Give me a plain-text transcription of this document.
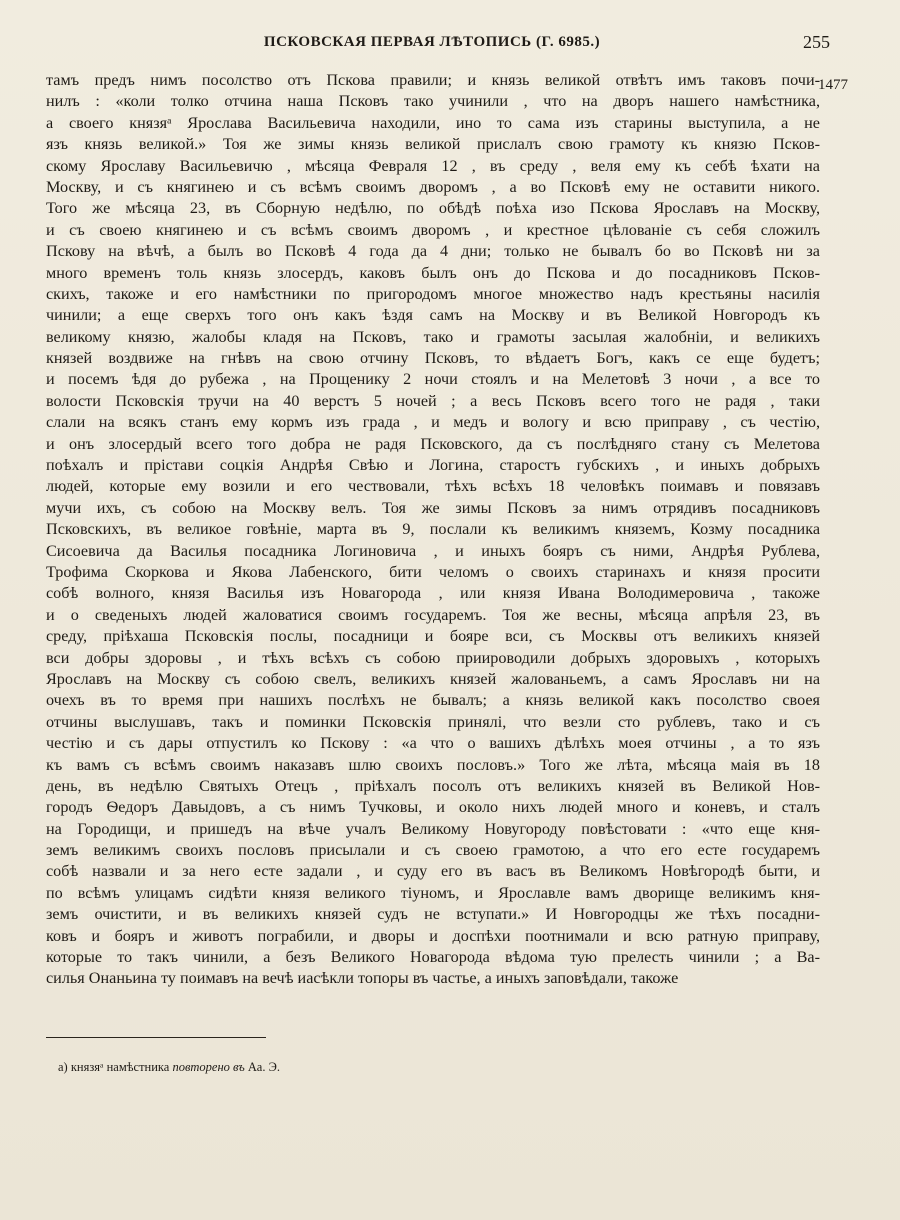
ПСКОВСКАЯ ПЕРВАЯ ЛѢТОПИСЬ (Г. 6985.)	255
1477
тамъ предъ нимъ посолство отъ Пскова правили; и князь великой отвѣтъ имъ таковъ почи-
нилъ : «коли толко отчина наша Псковъ тако учинили , что на дворъ нашего намѣстника,
а своего князяᵃ Ярослава Васильевича находили, ино то сама изъ старины выступила, а не
язъ князь великой.» Тоя же зимы князь великой прислалъ свою грамоту къ князю Псков-
скому Ярославу Васильевичю , мѣсяца Февраля 12 , въ среду , веля ему къ себѣ ѣхати на
Москву, и съ княгинею и съ всѣмъ своимъ дворомъ , а во Псковѣ ему не оставити никого.
Того же мѣсяца 23, въ Сборную недѣлю, по обѣдѣ поѣха изо Пскова Ярославъ на Москву,
и съ своею княгинею и съ всѣмъ своимъ дворомъ , и крестное цѣлованіе съ себя сложилъ
Пскову на вѣчѣ, а былъ во Псковѣ 4 года да 4 дни; только не бывалъ бо во Псковѣ ни за
много временъ толь князь злосердъ, каковъ былъ онъ до Пскова и до посадниковъ Псков-
скихъ, такоже и его намѣстники по пригородомъ многое множество надъ крестьяны насилія
чинили; а еще сверхъ того онъ какъ ѣздя самъ на Москву и въ Великой Новгородъ къ
великому князю, жалобы кладя на Псковъ, тако и грамоты засылая жалобніи, и великихъ
князей воздвиже на гнѣвъ на свою отчину Псковъ, то вѣдаетъ Богъ, какъ се еще будетъ;
и посемъ ѣдя до рубежа , на Прощенику 2 ночи стоялъ и на Мелетовѣ 3 ночи , а все то
волости Псковскія тручи на 40 верстъ 5 ночей ; а весь Псковъ всего того не радя , таки
слали на всякъ станъ ему кормъ изъ града , и медъ и вологу и всю приправу , съ честію,
и онъ злосердый всего того добра не радя Псковского, да съ послѣдняго стану съ Мелетова
поѣхалъ и прістави соцкія Андрѣя Свѣю и Логина, старостъ губскихъ , и иныхъ добрыхъ
людей, которые ему возили и его чествовали, тѣхъ всѣхъ 18 человѣкъ поимавъ и повязавъ
мучи ихъ, съ собою на Москву велъ. Тоя же зимы Псковъ за нимъ отрядивъ посадниковъ
Псковскихъ, въ великое говѣніе, марта въ 9, послали къ великимъ княземъ, Козму посадника
Сисоевича да Василья посадника Логиновича , и иныхъ бояръ съ ними, Андрѣя Рублева,
Трофима Скоркова и Якова Лабенского, бити челомъ о своихъ старинахъ и князя просити
собѣ волного, князя Василья изъ Новагорода , или князя Ивана Володимеровича , такоже
и о сведеныхъ людей жаловатися своимъ государемъ. Тоя же весны, мѣсяца апрѣля 23, въ
среду, пріѣхаша Псковскія послы, посадници и бояре вси, съ Москвы отъ великихъ князей
вси добры здоровы , и тѣхъ всѣхъ съ собою приироводили добрыхъ здоровыхъ , которыхъ
Ярославъ на Москву съ собою свелъ, великихъ князей жалованьемъ, а самъ Ярославъ ни на
очехъ въ то время при нашихъ послѣхъ не бывалъ; а князь великой какъ посолство своея
отчины выслушавъ, такъ и поминки Псковскія принялі, что везли сто рублевъ, тако и съ
честію и съ дары отпустилъ ко Пскову : «а что о вашихъ дѣлѣхъ моея отчины , а то язъ
къ вамъ съ всѣмъ своимъ наказавъ шлю своихъ пословъ.» Того же лѣта, мѣсяца маія въ 18
день, въ недѣлю Святыхъ Отецъ , пріѣхалъ посолъ отъ великихъ князей въ Великой Нов-
городъ Ѳедоръ Давыдовъ, а съ нимъ Тучковы, и около нихъ людей много и коневъ, и сталъ
на Городищи, и пришедъ на вѣче учалъ Великому Новугороду повѣстовати : «что еще кня-
земъ великимъ своихъ пословъ присылали и съ своею грамотою, а что его есте государемъ
собѣ назвали и за него есте задали , и суду его въ васъ въ Великомъ Новѣгородѣ быти, и
по всѣмъ улицамъ сидѣти князя великого тіуномъ, и Ярославле вамъ дворище великимъ кня-
земъ очистити, и въ великихъ князей судъ не вступати.» И Новгородцы же тѣхъ посадни-
ковъ и бояръ и животъ пограбили, и дворы и доспѣхи поотнимали и всю ратную приправу,
которые то такъ чинили, а безъ Великого Новагорода вѣдома тую прелесть чинили ; а Ва-
силья Онаньина ту поимавъ на вечѣ иасѣкли топоры въ частье, а иныхъ заповѣдали, такоже
а) князяᵃ намѣстника повторено въ Аа. Э.
